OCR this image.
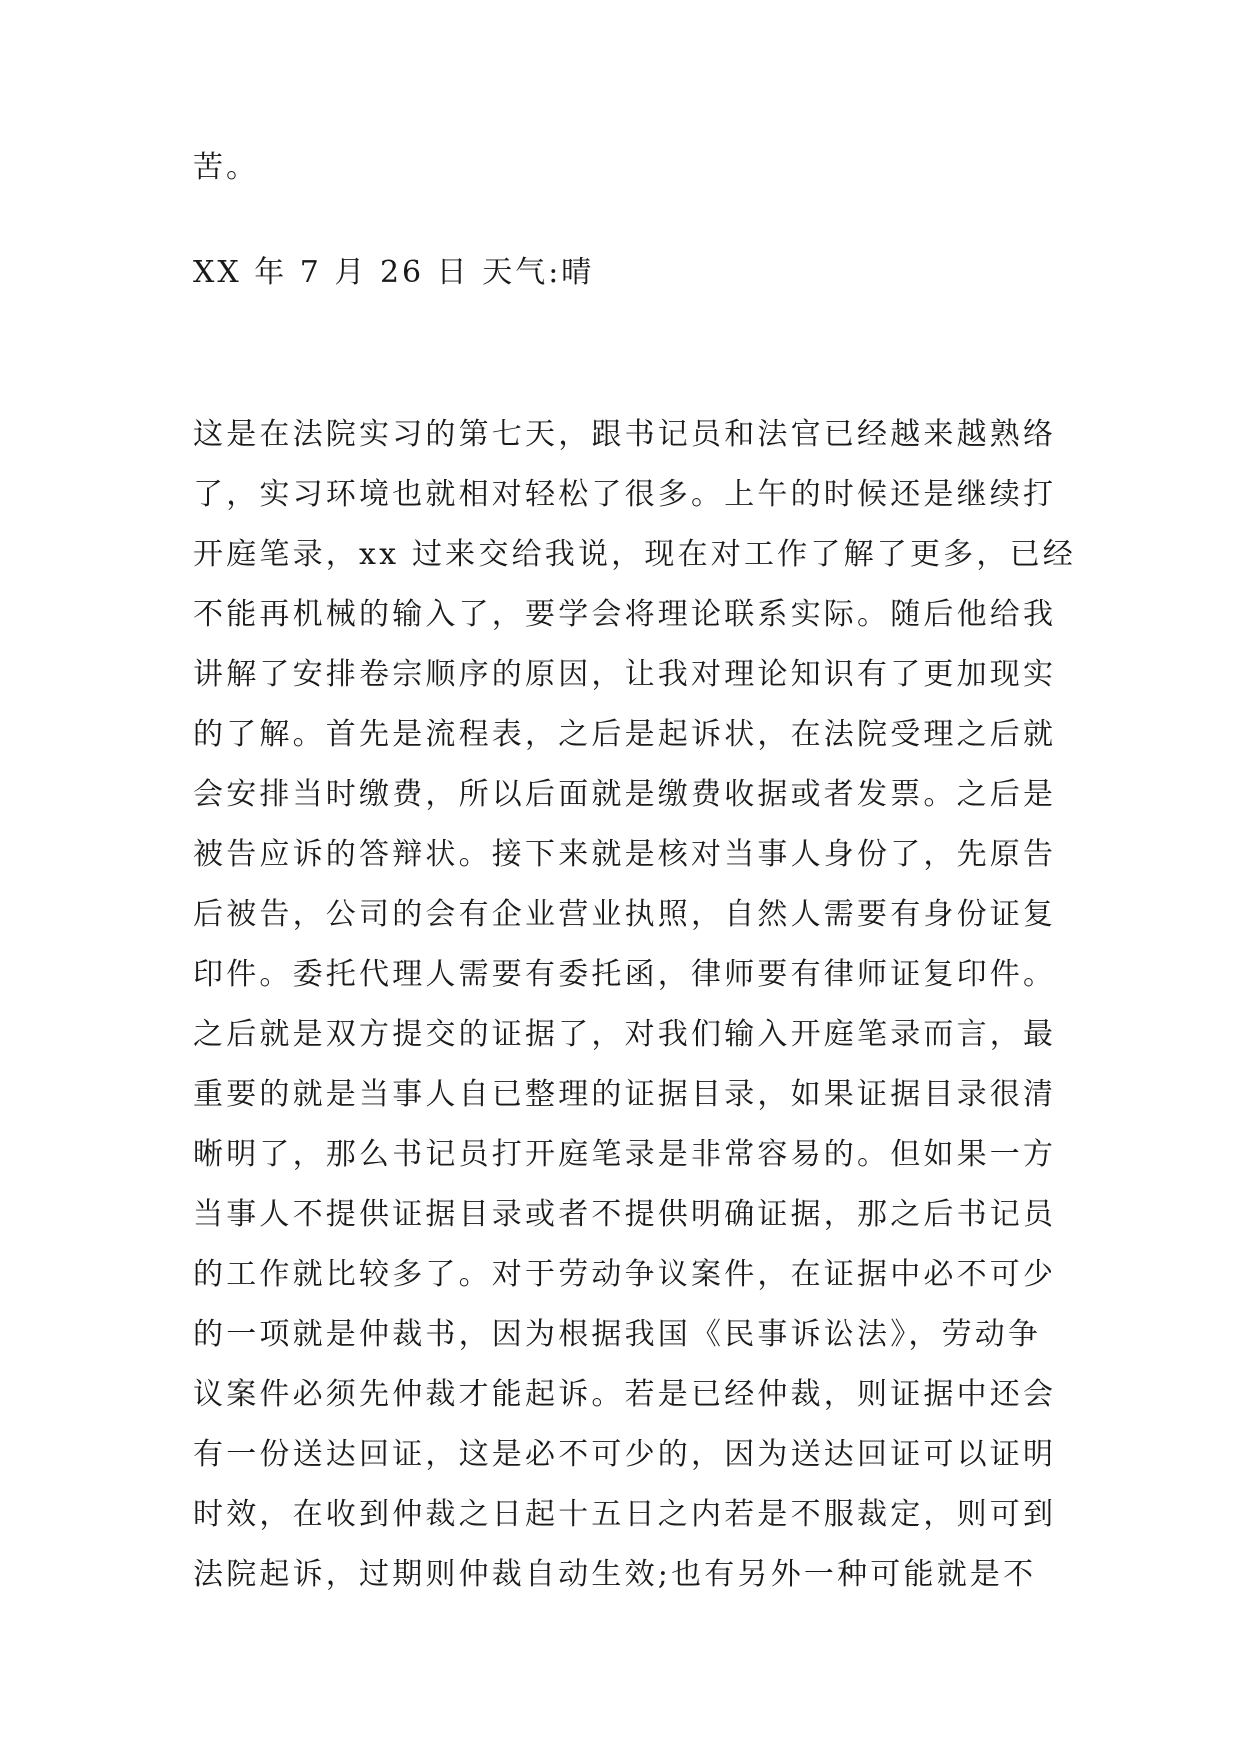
苦。
XX 年 7 月 26 日 天气:晴
这是在法院实习的第七天，跟书记员和法官已经越来越熟络
了，实习环境也就相对轻松了很多。上午的时候还是继续打
开庭笔录，xx 过来交给我说，现在对工作了解了更多，已经
不能再机械的输入了，要学会将理论联系实际。随后他给我
讲解了安排卷宗顺序的原因，让我对理论知识有了更加现实
的了解。首先是流程表，之后是起诉状，在法院受理之后就
会安排当时缴费，所以后面就是缴费收据或者发票。之后是
被告应诉的答辩状。接下来就是核对当事人身份了，先原告
后被告，公司的会有企业营业执照，自然人需要有身份证复
印件。委托代理人需要有委托函，律师要有律师证复印件。
之后就是双方提交的证据了，对我们输入开庭笔录而言，最
重要的就是当事人自已整理的证据目录，如果证据目录很清
晰明了，那么书记员打开庭笔录是非常容易的。但如果一方
当事人不提供证据目录或者不提供明确证据，那之后书记员
的工作就比较多了。对于劳动争议案件，在证据中必不可少
的一项就是仲裁书，因为根据我国《民事诉讼法》，劳动争
议案件必须先仲裁才能起诉。若是已经仲裁，则证据中还会
有一份送达回证，这是必不可少的，因为送达回证可以证明
时效，在收到仲裁之日起十五日之内若是不服裁定，则可到
法院起诉，过期则仲裁自动生效;也有另外一种可能就是不
